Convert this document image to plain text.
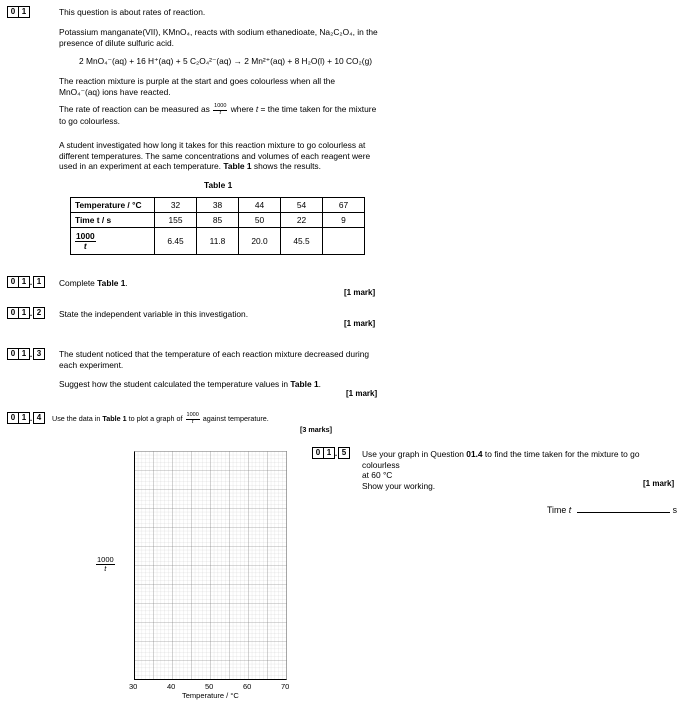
0 1	This question is about rates of reaction.
Potassium manganate(VII), KMnO₄, reacts with sodium ethanedioate, Na₂C₂O₄, in the
presence of dilute sulfuric acid.
2 MnO₄⁻(aq) + 16 H⁺(aq) + 5 C₂O₄²⁻(aq) → 2 Mn²⁺(aq) + 8 H₂O(l) + 10 CO₂(g)
The reaction mixture is purple at the start and goes colourless when all the
MnO₄⁻(aq) ions have reacted.
The rate of reaction can be measured as $\frac{1000}{t}$ where t = the time taken for the mixture
to go colourless.
A student investigated how long it takes for this reaction mixture to go colourless at
different temperatures. The same concentrations and volumes of each reagent were
used in an experiment at each temperature. Table 1 shows the results.
Table 1
Temperature / °C	32	38	44	54	67
Time t / s	155	85	50	22	9

$\frac{1000}{t}$	6.45	11.8	20.0	45.5	
0 1 . 1	Complete Table 1.
[1 mark]
0 1 . 2	State the independent variable in this investigation.
[1 mark]
0 1 . 3	The student noticed that the temperature of each reaction mixture decreased during
each experiment.
Suggest how the student calculated the temperature values in Table 1.
[1 mark]
0 1 . 4	Use the data in Table 1 to plot a graph of $\frac{1000}{t}$ against temperature.
[3 marks]
$\frac{1000}{t}$
30	40	50	60	70
Temperature / °C
0 1 . 5	Use your graph in Question 01.4 to find the time taken for the mixture to go colourless
at 60 °C
Show your working.	[1 mark]
Time t	s
